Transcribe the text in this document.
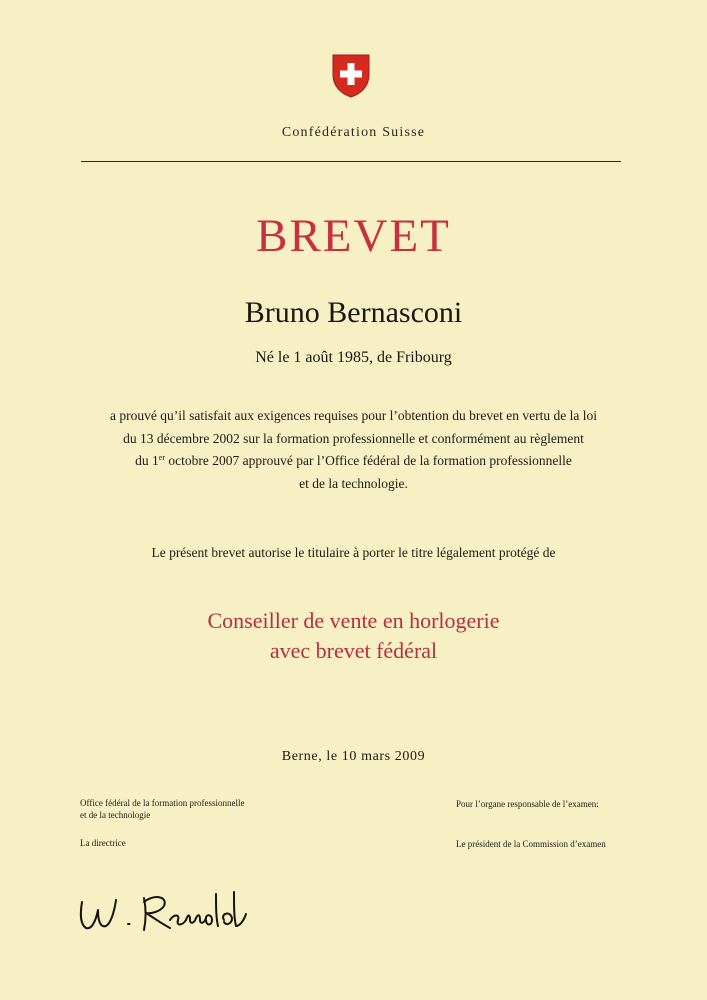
Confédération Suisse
BREVET
Bruno Bernasconi
Né le 1 août 1985, de Fribourg
a prouvé qu’il satisfait aux exigences requises pour l’obtention du brevet en vertu de la loi
du 13 décembre 2002 sur la formation professionnelle et conformément au règlement
du 1er octobre 2007 approuvé par l’Office fédéral de la formation professionnelle
et de la technologie.
Le présent brevet autorise le titulaire à porter le titre légalement protégé de
Conseiller de vente en horlogerie
avec brevet fédéral
Berne, le 10 mars 2009
Office fédéral de la formation professionnelle
et de la technologie
La directrice
Pour l’organe responsable de l’examen:
Le président de la Commission d’examen
